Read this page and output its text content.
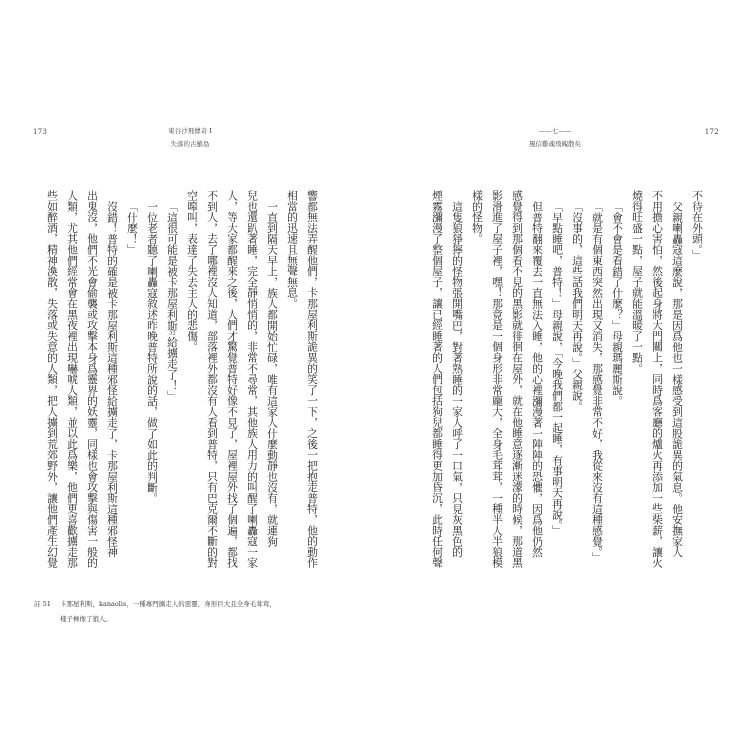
173	東谷沙飛傳奇 I
失落的古羅島
響都無法弄醒他們，卡那屋利斯詭異的笑了一下，之後一把抱走普特，他的動作
相當的迅速且無聲無息。
一直到隔天早上，族人都開始忙碌，唯有這家人什麼動靜也沒有，就連狗
兒也還趴著睡，完全靜悄悄的，非常不尋常，其他族人用力的叫醒了喇轟寇一家
人，等大家都醒來之後，人們才驚覺普特好像不見了，屋裡屋外找了個遍，都找
不到人，去了哪裡沒人知道，部落裡外都沒有人看到普特，只有巴克爾不斷的對
空嗥叫，表達了失去主人的悲傷。
「這很可能是被卡那屋利斯51給擄走了！」
一位老者聽了喇轟寇敘述昨晚普特所說的話，做了如此的判斷。
「什麼！」
沒錯！普特的確是被卡那屋利斯這種邪怪給擄走了，卡那屋利斯這種邪怪神
出鬼沒，他們不光會偷襲或攻擊本身爲靈界的妖靈，同樣也會攻擊與傷害一般的
人類，尤其他們經常會在黑夜裡出現嚇唬人類，並以此爲樂，他們更喜歡擄走那
些如醉酒，精神渙散，失落或失意的人類，把人擄到荒郊野外，讓他們產生幻覺
註 51 卡那屋利斯，kanaolis，一種專門擄走人的惡靈，身形巨大且全身毛茸茸，
樣子極像了狼人。
172
——七——
風信雞魂飛魄散矣
不待在外頭。」
父親喇轟寇這麼說，那是因爲他也一樣感受到這股詭異的氣息。他安撫家人
不用擔心害怕，然後起身將大門關上，同時爲客廳的爐火再添加一些柴薪，讓火
燒得旺盛一點，屋子就能溫暖了一點。
「會不會是看錯了什麼？」母親瑪麗斯說。
「就是有個東西突然出現又消失，那感覺非常不好，我從來沒有這種感覺。」
「沒事的，這些話我們明天再說。」父親說。
「早點睡吧，普特！」母親說，「今晚我們都一起睡，有事明天再說。」
但普特翻來覆去一直無法入睡，他的心裡瀰漫著一陣陣的恐懼，因爲他仍然
感覺得到那個看不見的黑影就徘徊在屋外，就在他睡意逐漸迷濛的時候，那道黑
影滑進了屋子裡，嘿！那竟是一個身形非常龐大，全身毛茸茸，一種半人半狼模
樣的怪物。
這隻狼猙獰的怪物張開嘴巴，對著熟睡的一家人呼了一口氣，只見灰黑色的
煙霧瀰漫了整個屋子，讓已經睡著的人們包括狗兒都睡得更加昏沉，此時任何聲
